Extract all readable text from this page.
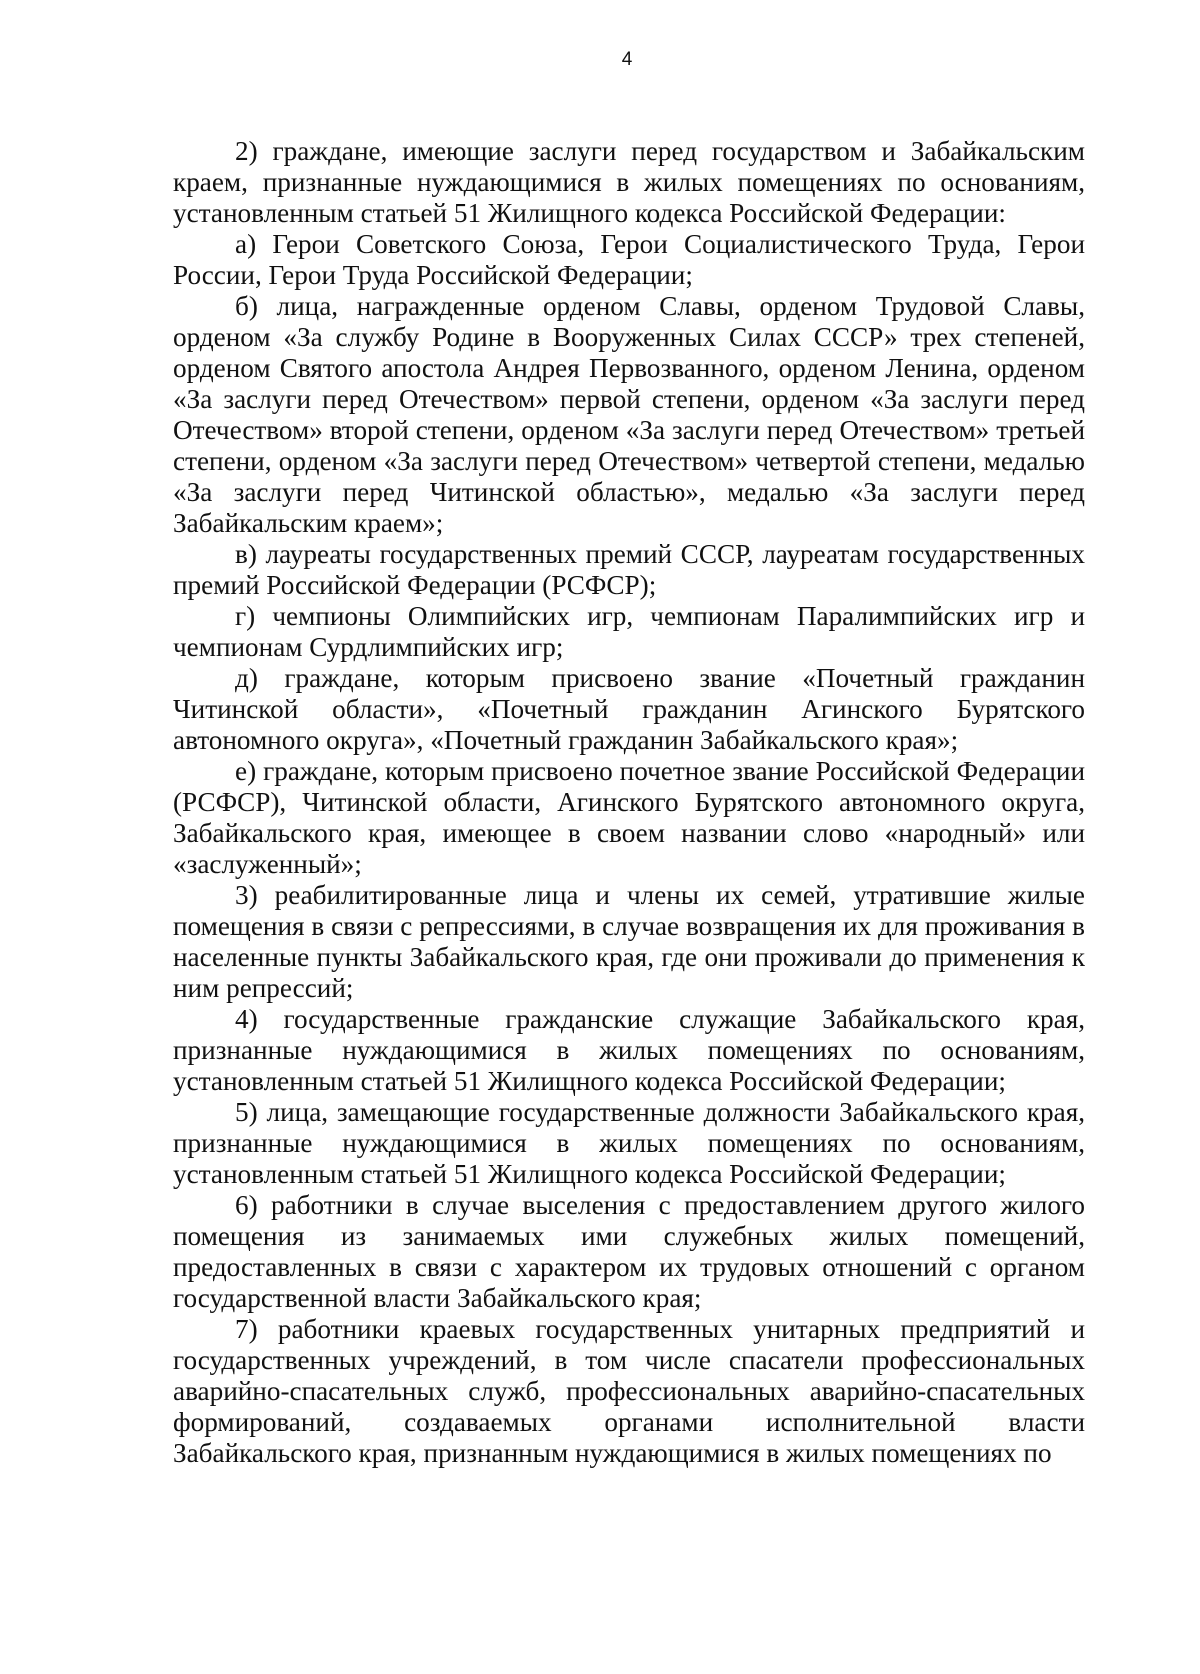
4

2) граждане, имеющие заслуги перед государством и Забайкальским краем, признанные нуждающимися в жилых помещениях по основаниям, установленным статьей 51 Жилищного кодекса Российской Федерации:

а) Герои Советского Союза, Герои Социалистического Труда, Герои России, Герои Труда Российской Федерации;

б) лица, награжденные орденом Славы, орденом Трудовой Славы, орденом «За службу Родине в Вооруженных Силах СССР» трех степеней, орденом Святого апостола Андрея Первозванного, орденом Ленина, орденом «За заслуги перед Отечеством» первой степени, орденом «За заслуги перед Отечеством» второй степени, орденом «За заслуги перед Отечеством» третьей степени, орденом «За заслуги перед Отечеством» четвертой степени, медалью «За заслуги перед Читинской областью», медалью «За заслуги перед Забайкальским краем»;

в) лауреаты государственных премий СССР, лауреатам государственных премий Российской Федерации (РСФСР);

г) чемпионы Олимпийских игр, чемпионам Паралимпийских игр и чемпионам Сурдлимпийских игр;

д) граждане, которым присвоено звание «Почетный гражданин Читинской области», «Почетный гражданин Агинского Бурятского автономного округа», «Почетный гражданин Забайкальского края»;

е) граждане, которым присвоено почетное звание Российской Федерации (РСФСР), Читинской области, Агинского Бурятского автономного округа, Забайкальского края, имеющее в своем названии слово «народный» или «заслуженный»;

3) реабилитированные лица и члены их семей, утратившие жилые помещения в связи с репрессиями, в случае возвращения их для проживания в населенные пункты Забайкальского края, где они проживали до применения к ним репрессий;

4) государственные гражданские служащие Забайкальского края, признанные нуждающимися в жилых помещениях по основаниям, установленным статьей 51 Жилищного кодекса Российской Федерации;

5) лица, замещающие государственные должности Забайкальского края, признанные нуждающимися в жилых помещениях по основаниям, установленным статьей 51 Жилищного кодекса Российской Федерации;

6) работники в случае выселения с предоставлением другого жилого помещения из занимаемых ими служебных жилых помещений, предоставленных в связи с характером их трудовых отношений с органом государственной власти Забайкальского края;

7) работники краевых государственных унитарных предприятий и государственных учреждений, в том числе спасатели профессиональных аварийно-спасательных служб, профессиональных аварийно-спасательных формирований, создаваемых органами исполнительной власти Забайкальского края, признанным нуждающимися в жилых помещениях по
